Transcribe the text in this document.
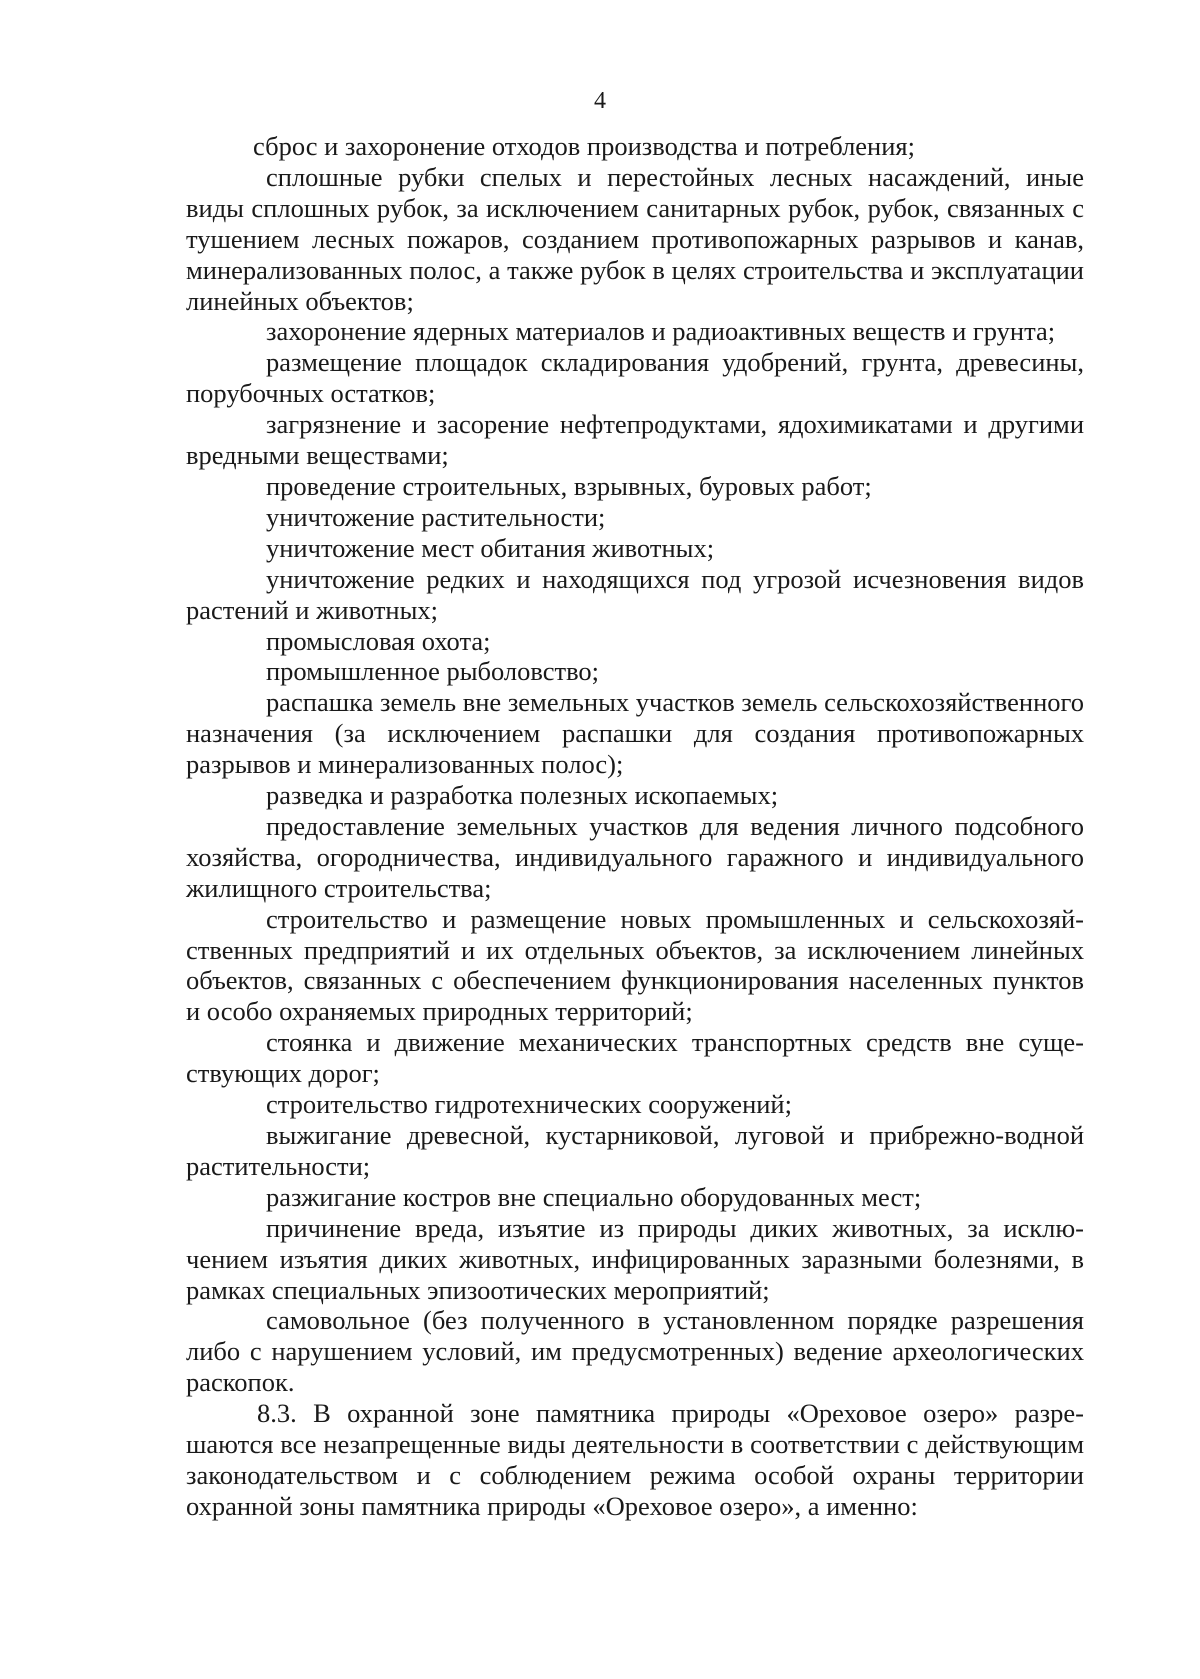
4

сброс и захоронение отходов производства и потребления;

сплошные рубки спелых и перестойных лесных насаждений, иные виды сплошных рубок, за исключением санитарных рубок, рубок, связанных с тушением лесных пожаров, созданием противопожарных разрывов и канав, минерализованных полос, а также рубок в целях строительства и эксплуатации линейных объектов;

захоронение ядерных материалов и радиоактивных веществ и грунта;

размещение площадок складирования удобрений, грунта, древесины, порубочных остатков;

загрязнение и засорение нефтепродуктами, ядохимикатами и другими вредными веществами;

проведение строительных, взрывных, буровых работ;

уничтожение растительности;

уничтожение мест обитания животных;

уничтожение редких и находящихся под угрозой исчезновения видов растений и животных;

промысловая охота;

промышленное рыболовство;

распашка земель вне земельных участков земель сельскохозяйственного назначения (за исключением распашки для создания противопожарных разрывов и минерализованных полос);

разведка и разработка полезных ископаемых;

предоставление земельных участков для ведения личного подсобного хозяйства, огородничества, индивидуального гаражного и индивидуального жилищного строительства;

строительство и размещение новых промышленных и сельскохозяйственных предприятий и их отдельных объектов, за исключением линейных объектов, связанных с обеспечением функционирования населенных пунктов и особо охраняемых природных территорий;

стоянка и движение механических транспортных средств вне существующих дорог;

строительство гидротехнических сооружений;

выжигание древесной, кустарниковой, луговой и прибрежно-водной растительности;

разжигание костров вне специально оборудованных мест;

причинение вреда, изъятие из природы диких животных, за исключением изъятия диких животных, инфицированных заразными болезнями, в рамках специальных эпизоотических мероприятий;

самовольное (без полученного в установленном порядке разрешения либо с нарушением условий, им предусмотренных) ведение археологических раскопок.

8.3. В охранной зоне памятника природы «Ореховое озеро» разрешаются все незапрещенные виды деятельности в соответствии с действующим законодательством и с соблюдением режима особой охраны территории охранной зоны памятника природы «Ореховое озеро», а именно:
